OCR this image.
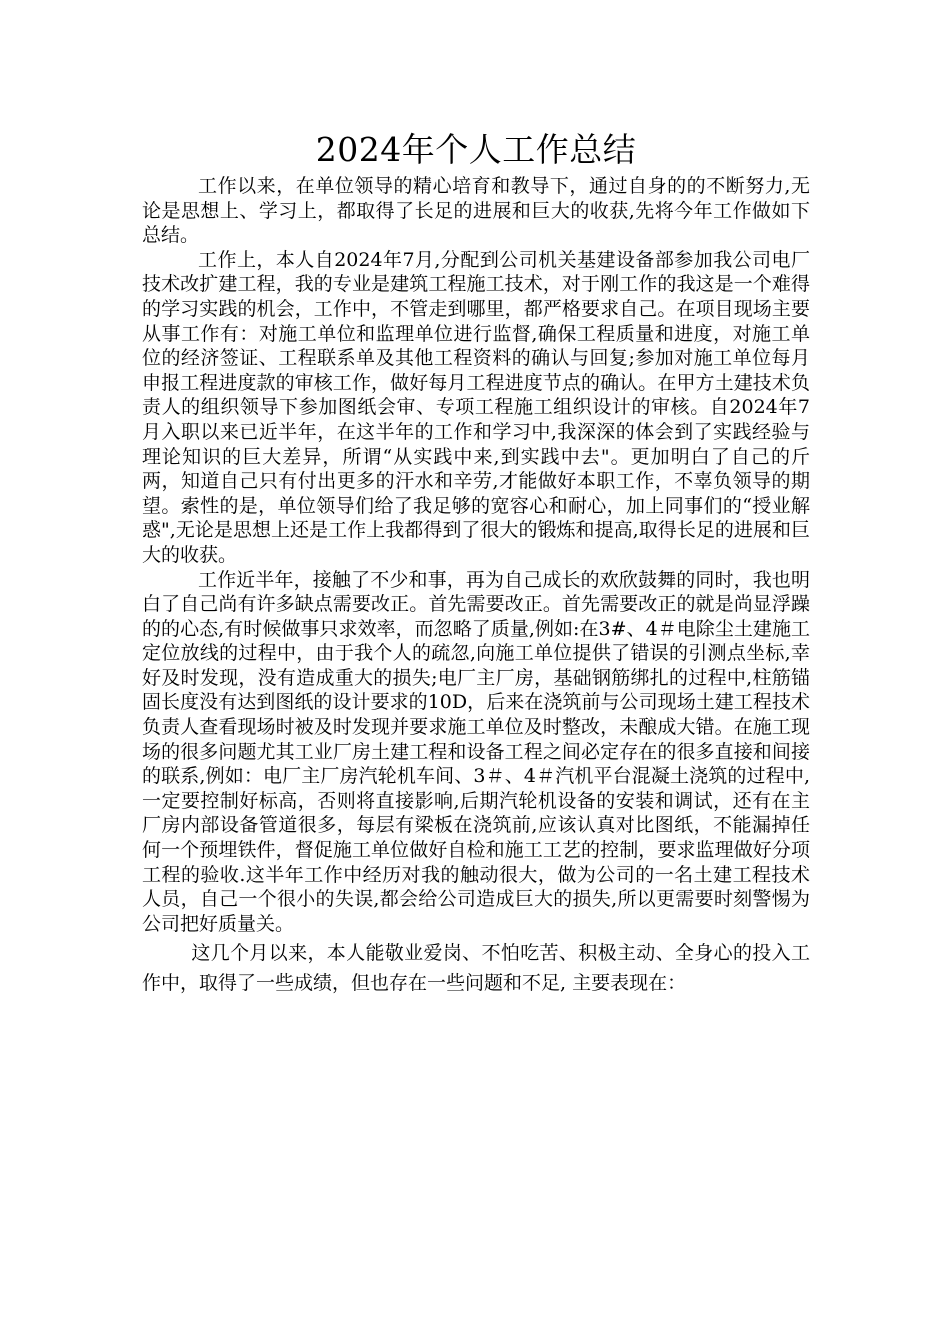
2024年个人工作总结

工作以来，在单位领导的精心培育和教导下，通过自身的的不断努力,无论是思想上、学习上，都取得了长足的进展和巨大的收获,先将今年工作做如下总结。

工作上，本人自2024年7月,分配到公司机关基建设备部参加我公司电厂技术改扩建工程，我的专业是建筑工程施工技术，对于刚工作的我这是一个难得的学习实践的机会，工作中，不管走到哪里，都严格要求自己。在项目现场主要从事工作有：对施工单位和监理单位进行监督,确保工程质量和进度，对施工单位的经济签证、工程联系单及其他工程资料的确认与回复;参加对施工单位每月申报工程进度款的审核工作，做好每月工程进度节点的确认。在甲方土建技术负责人的组织领导下参加图纸会审、专项工程施工组织设计的审核。自2024年7月入职以来已近半年，在这半年的工作和学习中,我深深的体会到了实践经验与理论知识的巨大差异，所谓“从实践中来,到实践中去"。更加明白了自己的斤两，知道自己只有付出更多的汗水和辛劳,才能做好本职工作，不辜负领导的期望。索性的是，单位领导们给了我足够的宽容心和耐心，加上同事们的“授业解惑",无论是思想上还是工作上我都得到了很大的锻炼和提高,取得长足的进展和巨大的收获。

工作近半年，接触了不少和事，再为自己成长的欢欣鼓舞的同时，我也明白了自己尚有许多缺点需要改正。首先需要改正。首先需要改正的就是尚显浮躁的的心态,有时候做事只求效率，而忽略了质量,例如:在3#、4＃电除尘土建施工定位放线的过程中，由于我个人的疏忽,向施工单位提供了错误的引测点坐标,幸好及时发现，没有造成重大的损失;电厂主厂房，基础钢筋绑扎的过程中,柱筋锚固长度没有达到图纸的设计要求的10D，后来在浇筑前与公司现场土建工程技术负责人查看现场时被及时发现并要求施工单位及时整改，未酿成大错。在施工现场的很多问题尤其工业厂房土建工程和设备工程之间必定存在的很多直接和间接的联系,例如：电厂主厂房汽轮机车间、3＃、4＃汽机平台混凝土浇筑的过程中,一定要控制好标高，否则将直接影响,后期汽轮机设备的安装和调试，还有在主厂房内部设备管道很多，每层有梁板在浇筑前,应该认真对比图纸，不能漏掉任何一个预埋铁件，督促施工单位做好自检和施工工艺的控制，要求监理做好分项工程的验收.这半年工作中经历对我的触动很大，做为公司的一名土建工程技术人员，自己一个很小的失误,都会给公司造成巨大的损失,所以更需要时刻警惕为公司把好质量关。

这几个月以来，本人能敬业爱岗、不怕吃苦、积极主动、全身心的投入工作中，取得了一些成绩，但也存在一些问题和不足, 主要表现在：
